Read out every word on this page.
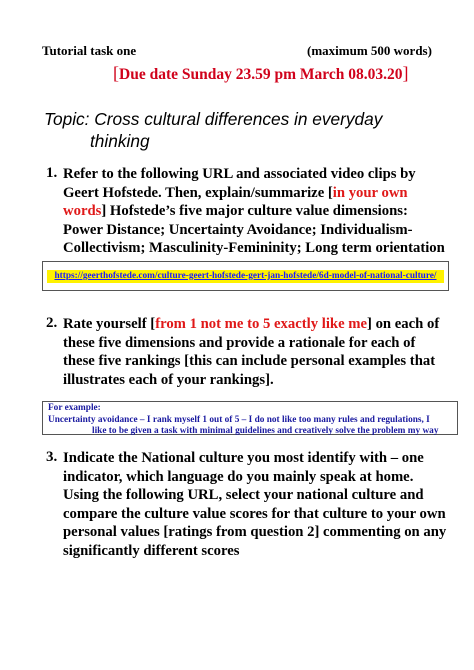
Tutorial task one	(maximum 500 words)
[Due date Sunday 23.59 pm March 08.03.20]
Topic: Cross cultural differences in everyday
thinking
1. Refer to the following URL and associated video clips by
Geert Hofstede. Then, explain/summarize [in your own
words] Hofstede’s five major culture value dimensions:
Power Distance; Uncertainty Avoidance; Individualism-
Collectivism; Masculinity-Femininity; Long term orientation
https://geerthofstede.com/culture-geert-hofstede-gert-jan-hofstede/6d-model-of-national-culture/
2. Rate yourself [from 1 not me to 5 exactly like me] on each of
these five dimensions and provide a rationale for each of
these five rankings [this can include personal examples that
illustrates each of your rankings].
For example:
Uncertainty avoidance – I rank myself 1 out of 5 – I do not like too many rules and regulations, I
like to be given a task with minimal guidelines and creatively solve the problem my way
3. Indicate the National culture you most identify with – one
indicator, which language do you mainly speak at home.
Using the following URL, select your national culture and
compare the culture value scores for that culture to your own
personal values [ratings from question 2] commenting on any
significantly different scores
